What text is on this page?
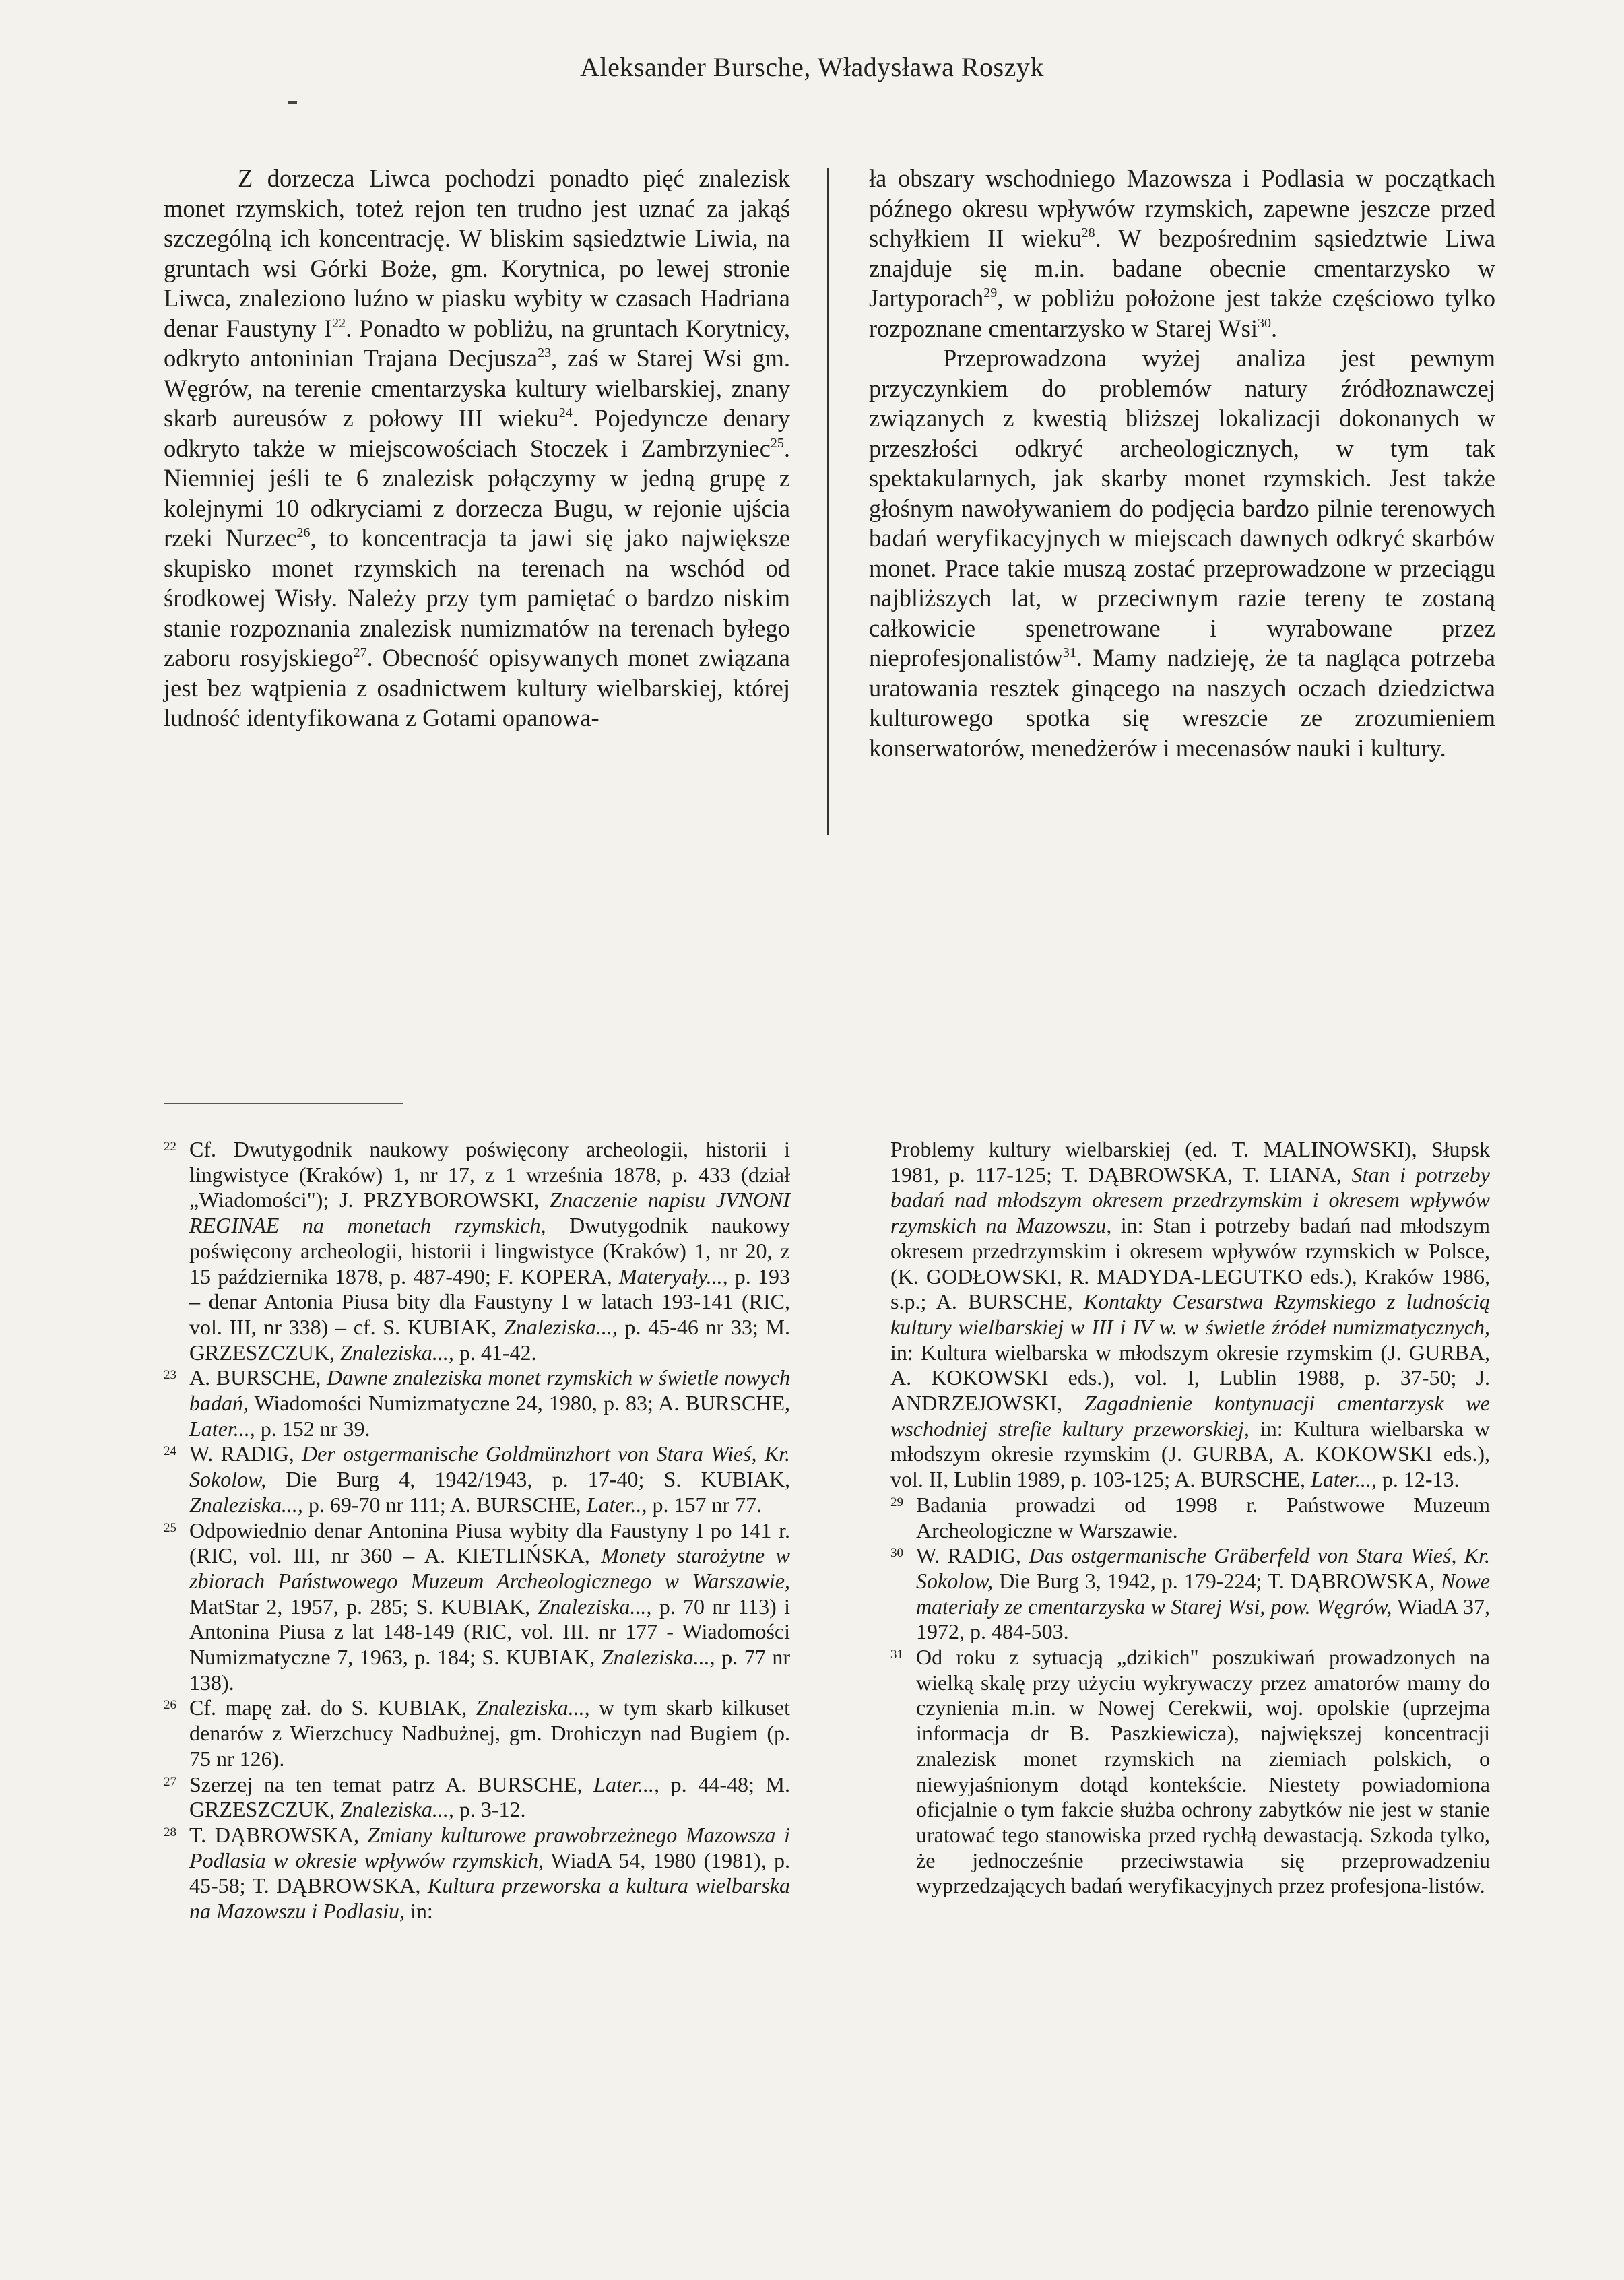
Aleksander Bursche, Władysława Roszyk

Z dorzecza Liwca pochodzi ponadto pięć znalezisk monet rzymskich, toteż rejon ten trudno jest uznać za jakąś szczególną ich koncentrację. W bliskim sąsiedztwie Liwia, na gruntach wsi Górki Boże, gm. Korytnica, po lewej stronie Liwca, znaleziono luźno w piasku wybity w czasach Hadriana denar Faustyny $I^{22}$. Ponadto w pobliżu, na gruntach Korytnicy, odkryto antoninian Trajana Decjusza$^{23}$, zaś w Starej Wsi gm. Węgrów, na terenie cmentarzyska kultury wielbarskiej, znany skarb aureusów z połowy III wieku$^{24}$. Pojedyncze denary odkryto także w miejscowościach Stoczek i Zambrzyniec$^{25}$. Niemniej jeśli te 6 znalezisk połączymy w jedną grupę z kolejnymi 10 odkryciami z dorzecza Bugu, w rejonie ujścia rzeki Nurzec$^{26}$, to koncentracja ta jawi się jako największe skupisko monet rzymskich na terenach na wschód od środkowej Wisły. Należy przy tym pamiętać o bardzo niskim stanie rozpoznania znalezisk numizmatów na terenach byłego zaboru rosyjskiego$^{27}$. Obecność opisywanych monet związana jest bez wątpienia z osadnictwem kultury wielbarskiej, której ludność identyfikowana z Gotami opanowa-

ła obszary wschodniego Mazowsza i Podlasia w początkach późnego okresu wpływów rzymskich, zapewne jeszcze przed schyłkiem II wieku$^{28}$. W bezpośrednim sąsiedztwie Liwa znajduje się m.in. badane obecnie cmentarzysko w Jartyporach$^{29}$, w pobliżu położone jest także częściowo tylko rozpoznane cmentarzysko w Starej Wsi$^{30}$.

Przeprowadzona wyżej analiza jest pewnym przyczynkiem do problemów natury źródłoznawczej związanych z kwestią bliższej lokalizacji dokonanych w przeszłości odkryć archeologicznych, w tym tak spektakularnych, jak skarby monet rzymskich. Jest także głośnym nawoływaniem do podjęcia bardzo pilnie terenowych badań weryfikacyjnych w miejscach dawnych odkryć skarbów monet. Prace takie muszą zostać przeprowadzone w przeciągu najbliższych lat, w przeciwnym razie tereny te zostaną całkowicie spenetrowane i wyrabowane przez nieprofesjonalistów$^{31}$. Mamy nadzieję, że ta nagląca potrzeba uratowania resztek ginącego na naszych oczach dziedzictwa kulturowego spotka się wreszcie ze zrozumieniem konserwatorów, menedżerów i mecenasów nauki i kultury.

22 Cf. Dwutygodnik naukowy poświęcony archeologii, historii i lingwistyce (Kraków) 1, nr 17, z 1 września 1878, p. 433 (dział „Wiadomości"); J. PRZYBOROWSKI, Znaczenie napisu JVNONI REGINAE na monetach rzymskich, Dwutygodnik naukowy poświęcony archeologii, historii i lingwistyce (Kraków) 1, nr 20, z 15 października 1878, p. 487-490; F. KOPERA, Materyały..., p. 193 – denar Antonia Piusa bity dla Faustyny I w latach 193-141 (RIC, vol. III, nr 338) – cf. S. KUBIAK, Znaleziska..., p. 45-46 nr 33; M. GRZESZCZUK, Znaleziska..., p. 41-42.

23 A. BURSCHE, Dawne znaleziska monet rzymskich w świetle nowych badań, Wiadomości Numizmatyczne 24, 1980, p. 83; A. BURSCHE, Later..., p. 152 nr 39.

24 W. RADIG, Der ostgermanische Goldmünzhort von Stara Wieś, Kr. Sokolow, Die Burg 4, 1942/1943, p. 17-40; S. KUBIAK, Znaleziska..., p. 69-70 nr 111; A. BURSCHE, Later.., p. 157 nr 77.

25 Odpowiednio denar Antonina Piusa wybity dla Faustyny I po 141 r. (RIC, vol. III, nr 360 – A. KIETLIŃSKA, Monety starożytne w zbiorach Państwowego Muzeum Archeologicznego w Warszawie, MatStar 2, 1957, p. 285; S. KUBIAK, Znaleziska..., p. 70 nr 113) i Antonina Piusa z lat 148-149 (RIC, vol. III. nr 177 - Wiadomości Numizmatyczne 7, 1963, p. 184; S. KUBIAK, Znaleziska..., p. 77 nr 138).

26 Cf. mapę zał. do S. KUBIAK, Znaleziska..., w tym skarb kilkuset denarów z Wierzchucy Nadbużnej, gm. Drohiczyn nad Bugiem (p. 75 nr 126).

27 Szerzej na ten temat patrz A. BURSCHE, Later..., p. 44-48; M. GRZESZCZUK, Znaleziska..., p. 3-12.

28 T. DĄBROWSKA, Zmiany kulturowe prawobrzeżnego Mazowsza i Podlasia w okresie wpływów rzymskich, WiadA 54, 1980 (1981), p. 45-58; T. DĄBROWSKA, Kultura przeworska a kultura wielbarska na Mazowszu i Podlasiu, in:

Problemy kultury wielbarskiej (ed. T. MALINOWSKI), Słupsk 1981, p. 117-125; T. DĄBROWSKA, T. LIANA, Stan i potrzeby badań nad młodszym okresem przedrzymskim i okresem wpływów rzymskich na Mazowszu, in: Stan i potrzeby badań nad młodszym okresem przedrzymskim i okresem wpływów rzymskich w Polsce, (K. GODŁOWSKI, R. MADYDA-LEGUTKO eds.), Kraków 1986, s.p.; A. BURSCHE, Kontakty Cesarstwa Rzymskiego z ludnością kultury wielbarskiej w III i IV w. w świetle źródeł numizmatycznych, in: Kultura wielbarska w młodszym okresie rzymskim (J. GURBA, A. KOKOWSKI eds.), vol. I, Lublin 1988, p. 37-50; J. ANDRZEJOWSKI, Zagadnienie kontynuacji cmentarzysk we wschodniej strefie kultury przeworskiej, in: Kultura wielbarska w młodszym okresie rzymskim (J. GURBA, A. KOKOWSKI eds.), vol. II, Lublin 1989, p. 103-125; A. BURSCHE, Later..., p. 12-13.

29 Badania prowadzi od 1998 r. Państwowe Muzeum Archeologiczne w Warszawie.

30 W. RADIG, Das ostgermanische Gräberfeld von Stara Wieś, Kr. Sokolow, Die Burg 3, 1942, p. 179-224; T. DĄBROWSKA, Nowe materiały ze cmentarzyska w Starej Wsi, pow. Węgrów, WiadA 37, 1972, p. 484-503.

31 Od roku z sytuacją „dzikich" poszukiwań prowadzonych na wielką skalę przy użyciu wykrywaczy przez amatorów mamy do czynienia m.in. w Nowej Cerekwii, woj. opolskie (uprzejma informacja dr B. Paszkiewicza), największej koncentracji znalezisk monet rzymskich na ziemiach polskich, o niewyjaśnionym dotąd kontekście. Niestety powiadomiona oficjalnie o tym fakcie służba ochrony zabytków nie jest w stanie uratować tego stanowiska przed rychłą dewastacją. Szkoda tylko, że jednocześnie przeciwstawia się przeprowadzeniu wyprzedzających badań weryfikacyjnych przez profesjona-listów.
